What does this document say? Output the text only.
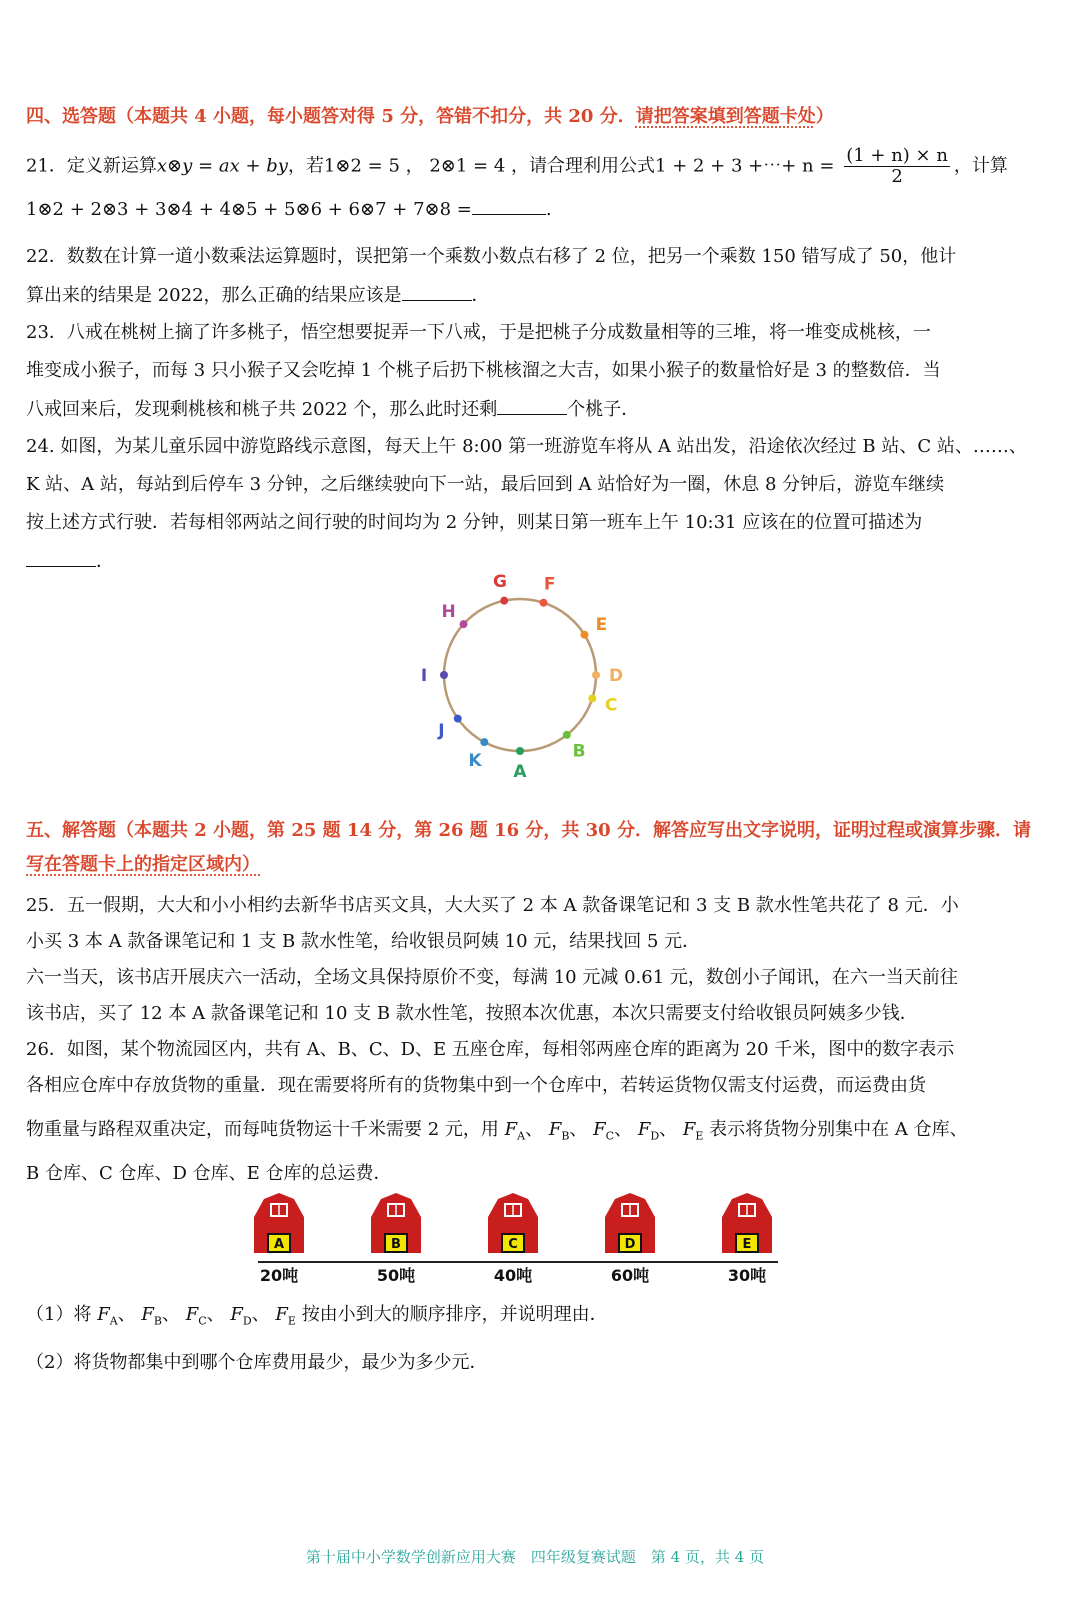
四、选答题（本题共 4 小题，每小题答对得 5 分，答错不扣分，共 20 分．请把答案填到答题卡处）
21．定义新运算x⊗y = ax + by，若1⊗2 = 5 ， 2⊗1 = 4 ，请合理利用公式1 + 2 + 3 +⋯+ $n = \frac{(1 + n) \times n}{2}$ ，计算
1⊗2 + 2⊗3 + 3⊗4 + 4⊗5 + 5⊗6 + 6⊗7 + 7⊗8 =	.
22．数数在计算一道小数乘法运算题时，误把第一个乘数小数点右移了 2 位，把另一个乘数 150 错写成了 50，他计
算出来的结果是 2022，那么正确的结果应该是	．
23．八戒在桃树上摘了许多桃子，悟空想要捉弄一下八戒，于是把桃子分成数量相等的三堆，将一堆变成桃核，一
堆变成小猴子，而每 3 只小猴子又会吃掉 1 个桃子后扔下桃核溜之大吉，如果小猴子的数量恰好是 3 的整数倍．当
八戒回来后，发现剩桃核和桃子共 2022 个，那么此时还剩	个桃子．
24. 如图，为某儿童乐园中游览路线示意图，每天上午 8:00 第一班游览车将从 A 站出发，沿途依次经过 B 站、C 站、……、
K 站、A 站，每站到后停车 3 分钟，之后继续驶向下一站，最后回到 A 站恰好为一圈，休息 8 分钟后，游览车继续
按上述方式行驶．若每相邻两站之间行驶的时间均为 2 分钟，则某日第一班车上午 10:31 应该在的位置可描述为
．
A
B
C
D
E
F
G
H
I
J
K
五、解答题（本题共 2 小题，第 25 题 14 分，第 26 题 16 分，共 30 分．解答应写出文字说明，证明过程或演算步骤．请
写在答题卡上的指定区域内）
25．五一假期，大大和小小相约去新华书店买文具，大大买了 2 本 A 款备课笔记和 3 支 B 款水性笔共花了 8 元．小
小买 3 本 A 款备课笔记和 1 支 B 款水性笔，给收银员阿姨 10 元，结果找回 5 元．
六一当天，该书店开展庆六一活动，全场文具保持原价不变，每满 10 元减 0.61 元，数创小子闻讯，在六一当天前往
该书店，买了 12 本 A 款备课笔记和 10 支 B 款水性笔，按照本次优惠，本次只需要支付给收银员阿姨多少钱．
26．如图，某个物流园区内，共有 A、B、C、D、E 五座仓库，每相邻两座仓库的距离为 20 千米，图中的数字表示
各相应仓库中存放货物的重量．现在需要将所有的货物集中到一个仓库中，若转运货物仅需支付运费，而运费由货
物重量与路程双重决定，而每吨货物运十千米需要 2 元，用 $F_A$、 $F_B$、 $F_C$、 $F_D$、 $F_E$ 表示将货物分别集中在 A 仓库、
B 仓库、C 仓库、D 仓库、E 仓库的总运费．
A
20吨
B
50吨
C
40吨
D
60吨
E
30吨
（1）将 $F_A$、 $F_B$、 $F_C$、 $F_D$、 $F_E$ 按由小到大的顺序排序，并说明理由．
（2）将货物都集中到哪个仓库费用最少，最少为多少元．
第十届中小学数学创新应用大赛　四年级复赛试题　第 4 页，共 4 页
